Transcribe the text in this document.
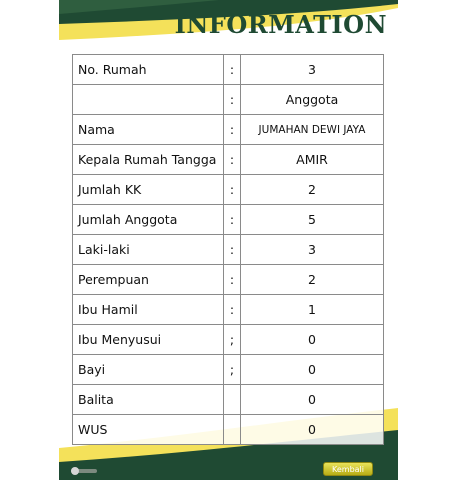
INFORMATION
No. Rumah	:	3
	:	Anggota
Nama	:	JUMAHAN DEWI JAYA
Kepala Rumah Tangga	:	AMIR
Jumlah KK	:	2
Jumlah Anggota	:	5
Laki-laki	:	3
Perempuan	:	2
Ibu Hamil	:	1
Ibu Menyusui	;	0
Bayi	;	0
Balita		0
WUS		0
Kembali
